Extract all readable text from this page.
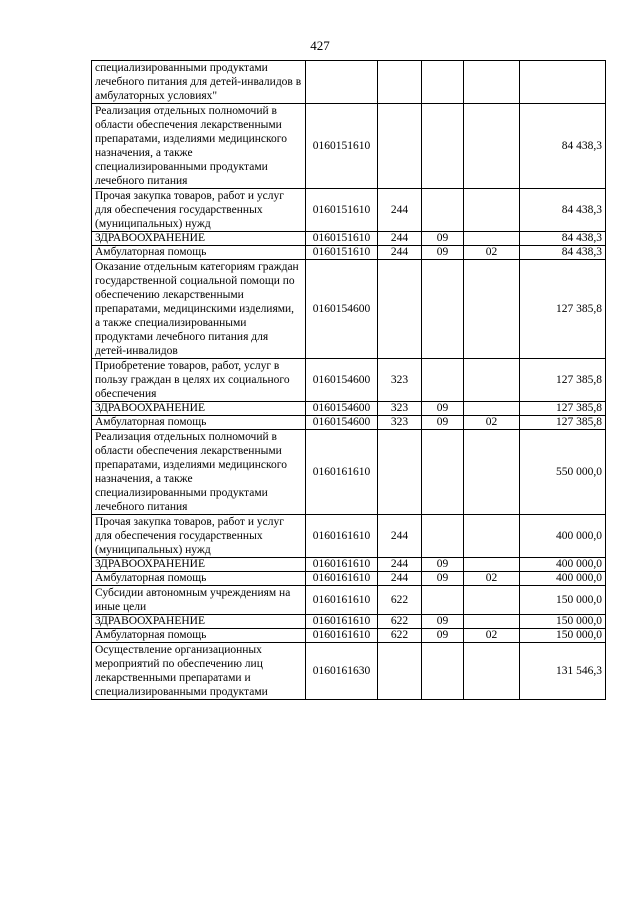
427
специализированными продуктами лечебного питания для детей-инвалидов в амбулаторных условиях"					
Реализация отдельных полномочий в области обеспечения лекарственными препаратами, изделиями медицинского назначения, а также специализированными продуктами лечебного питания	0160151610				84 438,3
Прочая закупка товаров, работ и услуг для обеспечения государственных (муниципальных) нужд	0160151610	244			84 438,3
ЗДРАВООХРАНЕНИЕ	0160151610	244	09		84 438,3
Амбулаторная помощь	0160151610	244	09	02	84 438,3
Оказание отдельным категориям граждан государственной социальной помощи по обеспечению лекарственными препаратами, медицинскими изделиями, а также специализированными продуктами лечебного питания для детей-инвалидов	0160154600				127 385,8
Приобретение товаров, работ, услуг в пользу граждан в целях их социального обеспечения	0160154600	323			127 385,8
ЗДРАВООХРАНЕНИЕ	0160154600	323	09		127 385,8
Амбулаторная помощь	0160154600	323	09	02	127 385,8
Реализация отдельных полномочий в области обеспечения лекарственными препаратами, изделиями медицинского назначения, а также специализированными продуктами лечебного питания	0160161610				550 000,0
Прочая закупка товаров, работ и услуг для обеспечения государственных (муниципальных) нужд	0160161610	244			400 000,0
ЗДРАВООХРАНЕНИЕ	0160161610	244	09		400 000,0
Амбулаторная помощь	0160161610	244	09	02	400 000,0
Субсидии автономным учреждениям на иные цели	0160161610	622			150 000,0
ЗДРАВООХРАНЕНИЕ	0160161610	622	09		150 000,0
Амбулаторная помощь	0160161610	622	09	02	150 000,0
Осуществление организационных мероприятий по обеспечению лиц лекарственными препаратами и специализированными продуктами	0160161630				131 546,3
